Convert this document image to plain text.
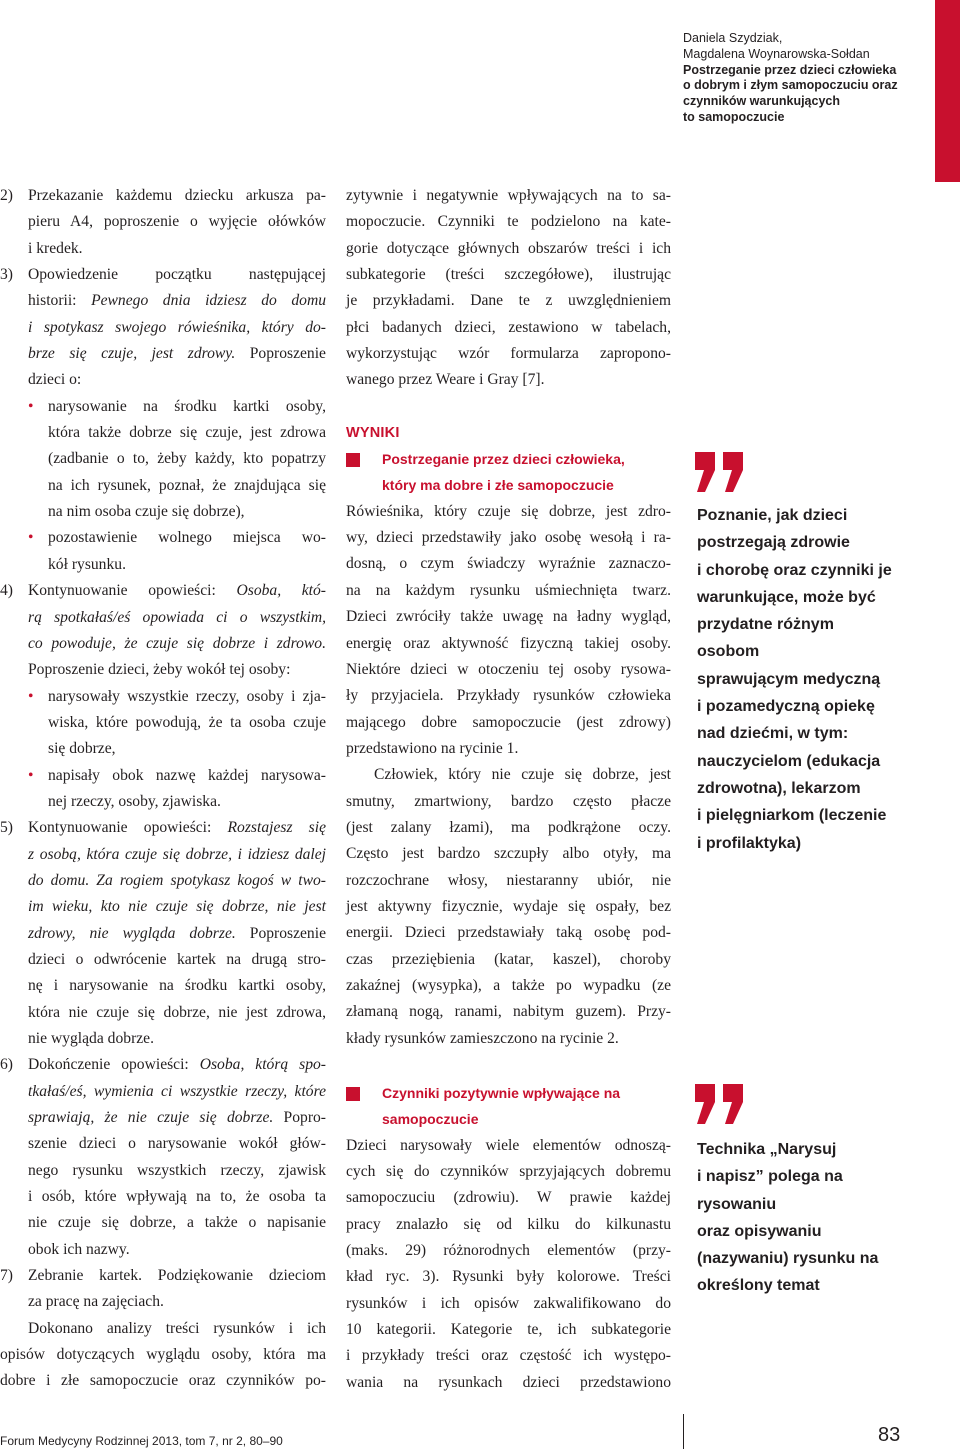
Daniela Szydziak,
Magdalena Woynarowska-Sołdan
Postrzeganie przez dzieci człowieka
o dobrym i złym samopoczuciu oraz
czynników warunkujących
to samopoczucie
2) Przekazanie każdemu dziecku arkusza pa-

pieru A4, poproszenie o wyjęcie ołówków

i kredek.

3) Opowiedzenie początku następującej

historii: Pewnego dnia idziesz do domu

i spotykasz swojego rówieśnika, który do-

brze się czuje, jest zdrowy. Poproszenie

dzieci o:

• narysowanie na środku kartki osoby,

która także dobrze się czuje, jest zdrowa

(zadbanie o to, żeby każdy, kto popatrzy

na ich rysunek, poznał, że znajdująca się

na nim osoba czuje się dobrze),

• pozostawienie wolnego miejsca wo-

kół rysunku.

4) Kontynuowanie opowieści: Osoba, któ-

rą spotkałaś/eś opowiada ci o wszystkim,

co powoduje, że czuje się dobrze i zdrowo.

Poproszenie dzieci, żeby wokół tej osoby:

• narysowały wszystkie rzeczy, osoby i zja-

wiska, które powodują, że ta osoba czuje

się dobrze,

• napisały obok nazwę każdej narysowa-

nej rzeczy, osoby, zjawiska.

5) Kontynuowanie opowieści: Rozstajesz się

z osobą, która czuje się dobrze, i idziesz dalej

do domu. Za rogiem spotykasz kogoś w two-

im wieku, kto nie czuje się dobrze, nie jest

zdrowy, nie wygląda dobrze. Poproszenie

dzieci o odwrócenie kartek na drugą stro-

nę i narysowanie na środku kartki osoby,

która nie czuje się dobrze, nie jest zdrowa,

nie wygląda dobrze.

6) Dokończenie opowieści: Osoba, którą spo-

tkałaś/eś, wymienia ci wszystkie rzeczy, które

sprawiają, że nie czuje się dobrze. Popro-

szenie dzieci o narysowanie wokół głów-

nego rysunku wszystkich rzeczy, zjawisk

i osób, które wpływają na to, że osoba ta

nie czuje się dobrze, a także o napisanie

obok ich nazwy.

7) Zebranie kartek. Podziękowanie dzieciom

za pracę na zajęciach.

Dokonano analizy treści rysunków i ich

opisów dotyczących wyglądu osoby, która ma

dobre i złe samopoczucie oraz czynników po-

zytywnie i negatywnie wpływających na to sa-

mopoczucie. Czynniki te podzielono na kate-

gorie dotyczące głównych obszarów treści i ich

subkategorie (treści szczegółowe), ilustrując

je przykładami. Dane te z uwzględnieniem

płci badanych dzieci, zestawiono w tabelach,

wykorzystując wzór formularza zapropono-

wanego przez Weare i Gray [7].

WYNIKI
Postrzeganie przez dzieci człowieka,
który ma dobre i złe samopoczucie

Rówieśnika, który czuje się dobrze, jest zdro-

wy, dzieci przedstawiły jako osobę wesołą i ra-

dosną, o czym świadczy wyraźnie zaznaczo-

na na każdym rysunku uśmiechnięta twarz.

Dzieci zwróciły także uwagę na ładny wygląd,

energię oraz aktywność fizyczną takiej osoby.

Niektóre dzieci w otoczeniu tej osoby rysowa-

ły przyjaciela. Przykłady rysunków człowieka

mającego dobre samopoczucie (jest zdrowy)

przedstawiono na rycinie 1.

Człowiek, który nie czuje się dobrze, jest

smutny, zmartwiony, bardzo często płacze

(jest zalany łzami), ma podkrążone oczy.

Często jest bardzo szczupły albo otyły, ma

rozczochrane włosy, niestaranny ubiór, nie

jest aktywny fizycznie, wydaje się ospały, bez

energii. Dzieci przedstawiały taką osobę pod-

czas przeziębienia (katar, kaszel), choroby

zakaźnej (wysypka), a także po wypadku (ze

złamaną nogą, ranami, nabitym guzem). Przy-

kłady rysunków zamieszczono na rycinie 2.

Czynniki pozytywnie wpływające na
samopoczucie

Dzieci narysowały wiele elementów odnoszą-

cych się do czynników sprzyjających dobremu

samopoczuciu (zdrowiu). W prawie każdej

pracy znalazło się od kilku do kilkunastu

(maks. 29) różnorodnych elementów (przy-

kład ryc. 3). Rysunki były kolorowe. Treści

rysunków i ich opisów zakwalifikowano do

10 kategorii. Kategorie te, ich subkategorie

i przykłady treści oraz częstość ich występo-

wania na rysunkach dzieci przedstawiono

Poznanie, jak dzieci
postrzegają zdrowie
i chorobę oraz czynniki je
warunkujące, może być
przydatne różnym osobom
sprawującym medyczną
i pozamedyczną opiekę
nad dziećmi, w tym:
nauczycielom (edukacja
zdrowotna), lekarzom
i pielęgniarkom (leczenie
i profilaktyka)
Technika „Narysuj
i napisz” polega na
rysowaniu
oraz opisywaniu
(nazywaniu) rysunku na
określony temat
Forum Medycyny Rodzinnej 2013, tom 7, nr 2, 80–90	83
